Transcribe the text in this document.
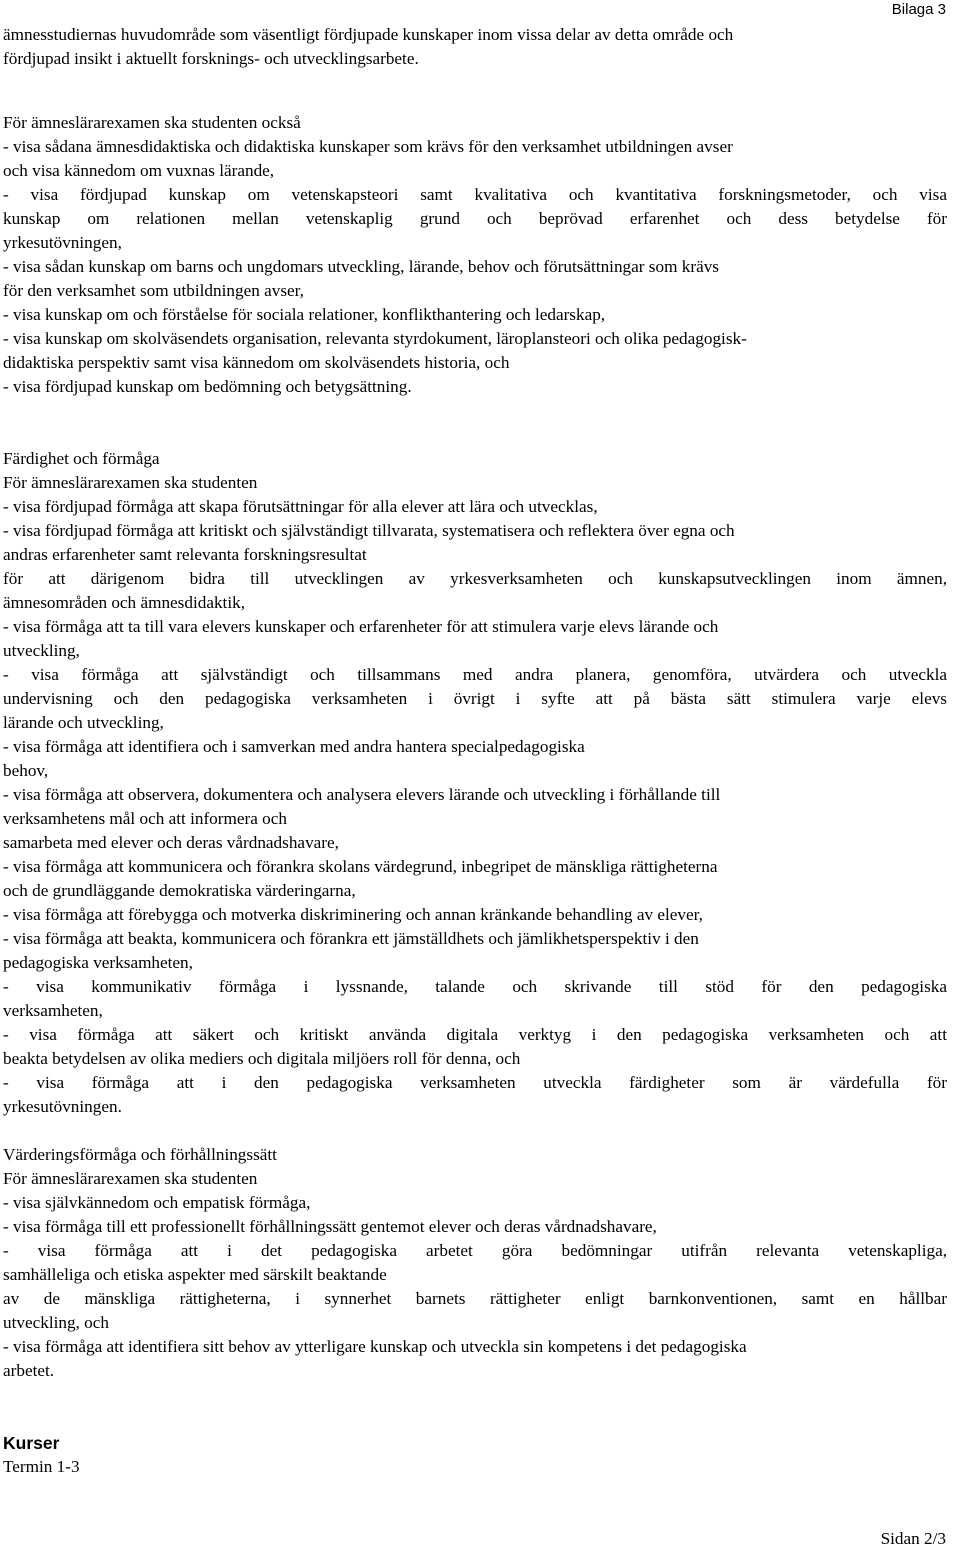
Bilaga 3
ämnesstudiernas huvudområde som väsentligt fördjupade kunskaper inom vissa delar av detta område och
fördjupad insikt i aktuellt forsknings- och utvecklingsarbete.
För ämneslärarexamen ska studenten också
- visa sådana ämnesdidaktiska och didaktiska kunskaper som krävs för den verksamhet utbildningen avser
och visa kännedom om vuxnas lärande,
- visa fördjupad kunskap om vetenskapsteori samt kvalitativa och kvantitativa forskningsmetoder, och visa
kunskap om relationen mellan vetenskaplig grund och beprövad erfarenhet och dess betydelse för
yrkesutövningen,
- visa sådan kunskap om barns och ungdomars utveckling, lärande, behov och förutsättningar som krävs
för den verksamhet som utbildningen avser,
- visa kunskap om och förståelse för sociala relationer, konflikthantering och ledarskap,
- visa kunskap om skolväsendets organisation, relevanta styrdokument, läroplansteori och olika pedagogisk-
didaktiska perspektiv samt visa kännedom om skolväsendets historia, och
- visa fördjupad kunskap om bedömning och betygsättning.
Färdighet och förmåga
För ämneslärarexamen ska studenten
- visa fördjupad förmåga att skapa förutsättningar för alla elever att lära och utvecklas,
- visa fördjupad förmåga att kritiskt och självständigt tillvarata, systematisera och reflektera över egna och
andras erfarenheter samt relevanta forskningsresultat
för att därigenom bidra till utvecklingen av yrkesverksamheten och kunskapsutvecklingen inom ämnen,
ämnesområden och ämnesdidaktik,
- visa förmåga att ta till vara elevers kunskaper och erfarenheter för att stimulera varje elevs lärande och
utveckling,
- visa förmåga att självständigt och tillsammans med andra planera, genomföra, utvärdera och utveckla
undervisning och den pedagogiska verksamheten i övrigt i syfte att på bästa sätt stimulera varje elevs
lärande och utveckling,
- visa förmåga att identifiera och i samverkan med andra hantera specialpedagogiska
behov,
- visa förmåga att observera, dokumentera och analysera elevers lärande och utveckling i förhållande till
verksamhetens mål och att informera och
samarbeta med elever och deras vårdnadshavare,
- visa förmåga att kommunicera och förankra skolans värdegrund, inbegripet de mänskliga rättigheterna
och de grundläggande demokratiska värderingarna,
- visa förmåga att förebygga och motverka diskriminering och annan kränkande behandling av elever,
- visa förmåga att beakta, kommunicera och förankra ett jämställdhets och jämlikhetsperspektiv i den
pedagogiska verksamheten,
- visa kommunikativ förmåga i lyssnande, talande och skrivande till stöd för den pedagogiska
verksamheten,
- visa förmåga att säkert och kritiskt använda digitala verktyg i den pedagogiska verksamheten och att
beakta betydelsen av olika mediers och digitala miljöers roll för denna, och
- visa förmåga att i den pedagogiska verksamheten utveckla färdigheter som är värdefulla för
yrkesutövningen.
Värderingsförmåga och förhållningssätt
För ämneslärarexamen ska studenten
- visa självkännedom och empatisk förmåga,
- visa förmåga till ett professionellt förhållningssätt gentemot elever och deras vårdnadshavare,
- visa förmåga att i det pedagogiska arbetet göra bedömningar utifrån relevanta vetenskapliga,
samhälleliga och etiska aspekter med särskilt beaktande
av de mänskliga rättigheterna, i synnerhet barnets rättigheter enligt barnkonventionen, samt en hållbar
utveckling, och
- visa förmåga att identifiera sitt behov av ytterligare kunskap och utveckla sin kompetens i det pedagogiska
arbetet.
Kurser
Termin 1-3
Sidan 2/3
